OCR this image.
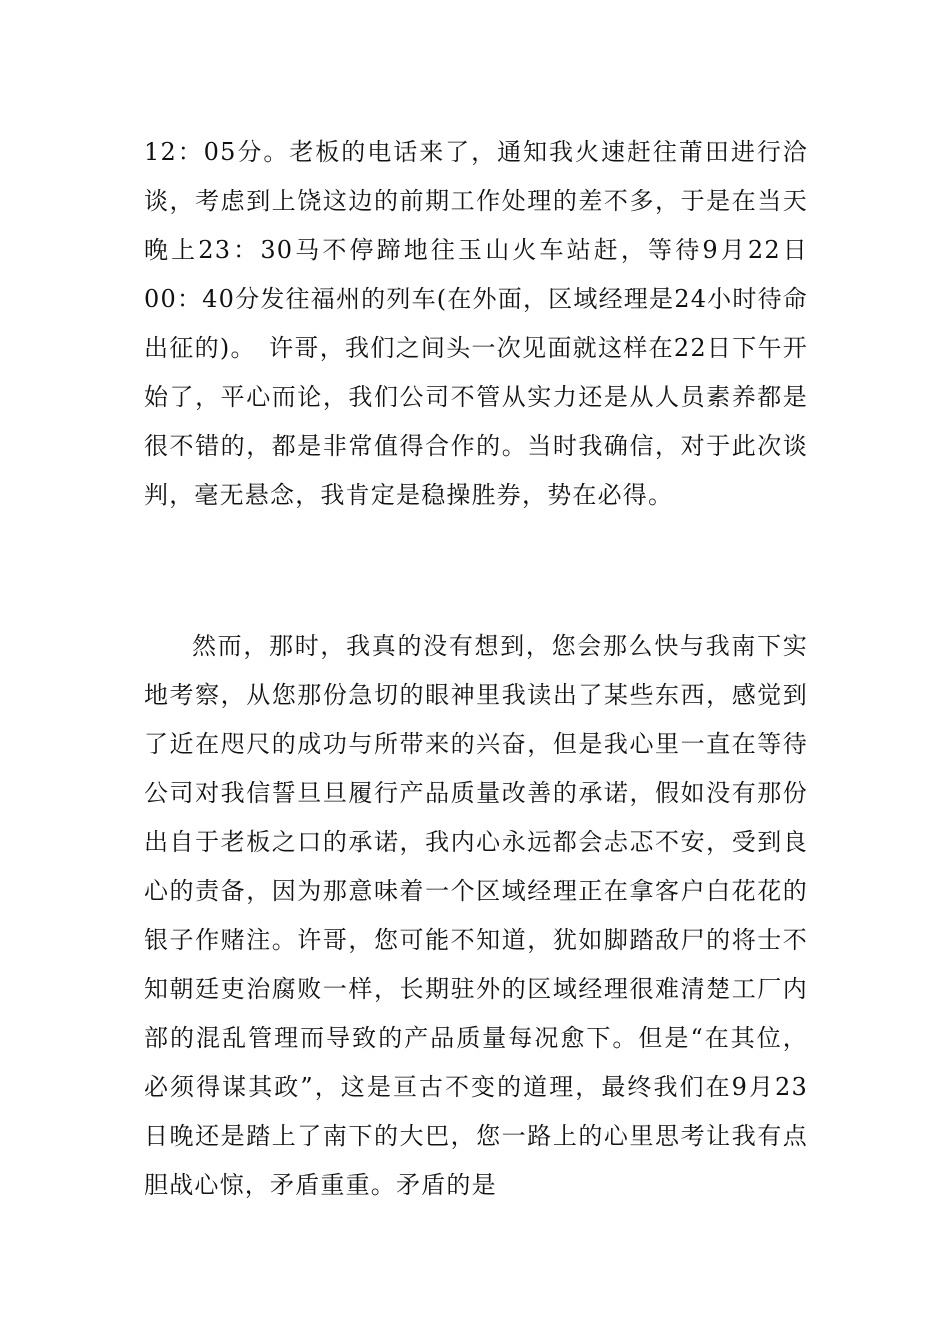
12：05分。老板的电话来了，通知我火速赶往莆田进行洽谈，考虑到上饶这边的前期工作处理的差不多，于是在当天晚上23：30马不停蹄地往玉山火车站赶，等待9月22日00：40分发往福州的列车(在外面，区域经理是24小时待命出征的)。　许哥，我们之间头一次见面就这样在22日下午开始了，平心而论，我们公司不管从实力还是从人员素养都是很不错的，都是非常值得合作的。当时我确信，对于此次谈判，毫无悬念，我肯定是稳操胜券，势在必得。

然而，那时，我真的没有想到，您会那么快与我南下实地考察，从您那份急切的眼神里我读出了某些东西，感觉到了近在咫尺的成功与所带来的兴奋，但是我心里一直在等待公司对我信誓旦旦履行产品质量改善的承诺，假如没有那份出自于老板之口的承诺，我内心永远都会忐忑不安，受到良心的责备，因为那意味着一个区域经理正在拿客户白花花的银子作赌注。许哥，您可能不知道，犹如脚踏敌尸的将士不知朝廷吏治腐败一样，长期驻外的区域经理很难清楚工厂内部的混乱管理而导致的产品质量每况愈下。但是“在其位，必须得谋其政”，这是亘古不变的道理，最终我们在9月23日晚还是踏上了南下的大巴，您一路上的心里思考让我有点胆战心惊，矛盾重重。矛盾的是
